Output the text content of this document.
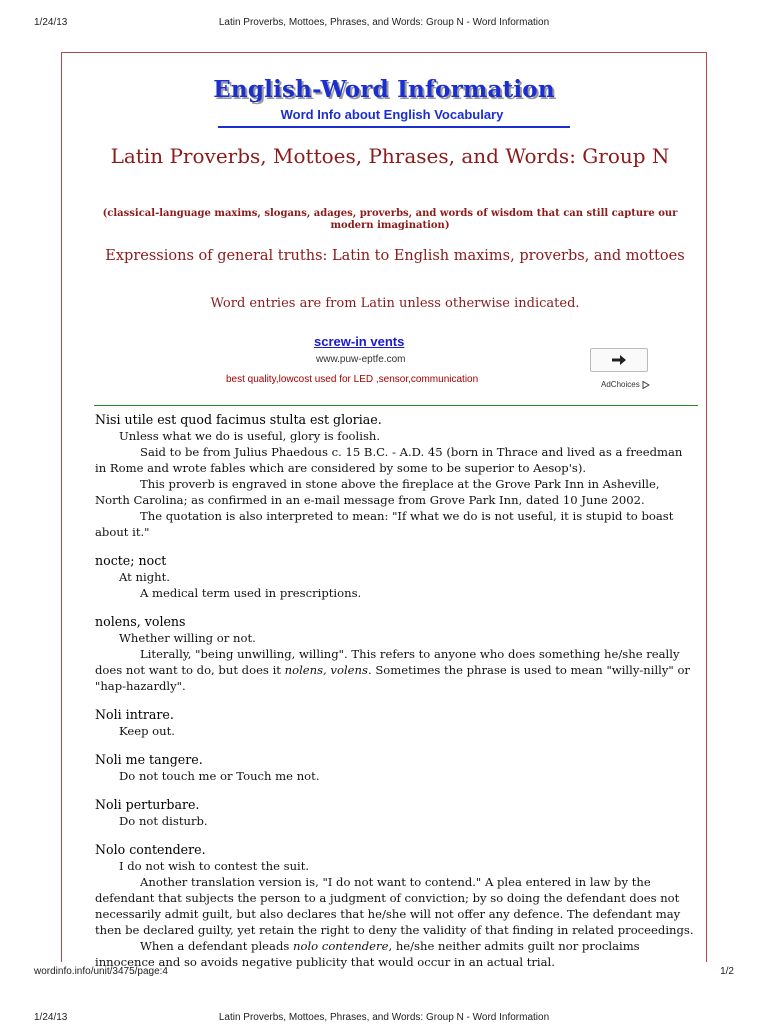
1/24/13	Latin Proverbs, Mottoes, Phrases, and Words: Group N - Word Information
English-Word Information
Word Info about English Vocabulary
Latin Proverbs, Mottoes, Phrases, and Words: Group N
(classical-language maxims, slogans, adages, proverbs, and words of wisdom that can still capture our modern imagination)
Expressions of general truths: Latin to English maxims, proverbs, and mottoes
Word entries are from Latin unless otherwise indicated.
screw-in vents
www.puw-eptfe.com
best quality,lowcost used for LED ,sensor,communication	AdChoices
Nisi utile est quod facimus stulta est gloriae.
Unless what we do is useful, glory is foolish.
Said to be from Julius Phaedous c. 15 B.C. - A.D. 45 (born in Thrace and lived as a freedman in Rome and wrote fables which are considered by some to be superior to Aesop's).
This proverb is engraved in stone above the fireplace at the Grove Park Inn in Asheville, North Carolina; as confirmed in an e-mail message from Grove Park Inn, dated 10 June 2002.
The quotation is also interpreted to mean: "If what we do is not useful, it is stupid to boast about it."
nocte; noct
At night.
A medical term used in prescriptions.
nolens, volens
Whether willing or not.
Literally, "being unwilling, willing". This refers to anyone who does something he/she really does not want to do, but does it nolens, volens. Sometimes the phrase is used to mean "willy-nilly" or "hap-hazardly".
Noli intrare.
Keep out.
Noli me tangere.
Do not touch me or Touch me not.
Noli perturbare.
Do not disturb.
Nolo contendere.
I do not wish to contest the suit.
Another translation version is, "I do not want to contend." A plea entered in law by the defendant that subjects the person to a judgment of conviction; by so doing the defendant does not necessarily admit guilt, but also declares that he/she will not offer any defence. The defendant may then be declared guilty, yet retain the right to deny the validity of that finding in related proceedings.
When a defendant pleads nolo contendere, he/she neither admits guilt nor proclaims innocence and so avoids negative publicity that would occur in an actual trial.
wordinfo.info/unit/3475/page:4	1/2
1/24/13	Latin Proverbs, Mottoes, Phrases, and Words: Group N - Word Information
